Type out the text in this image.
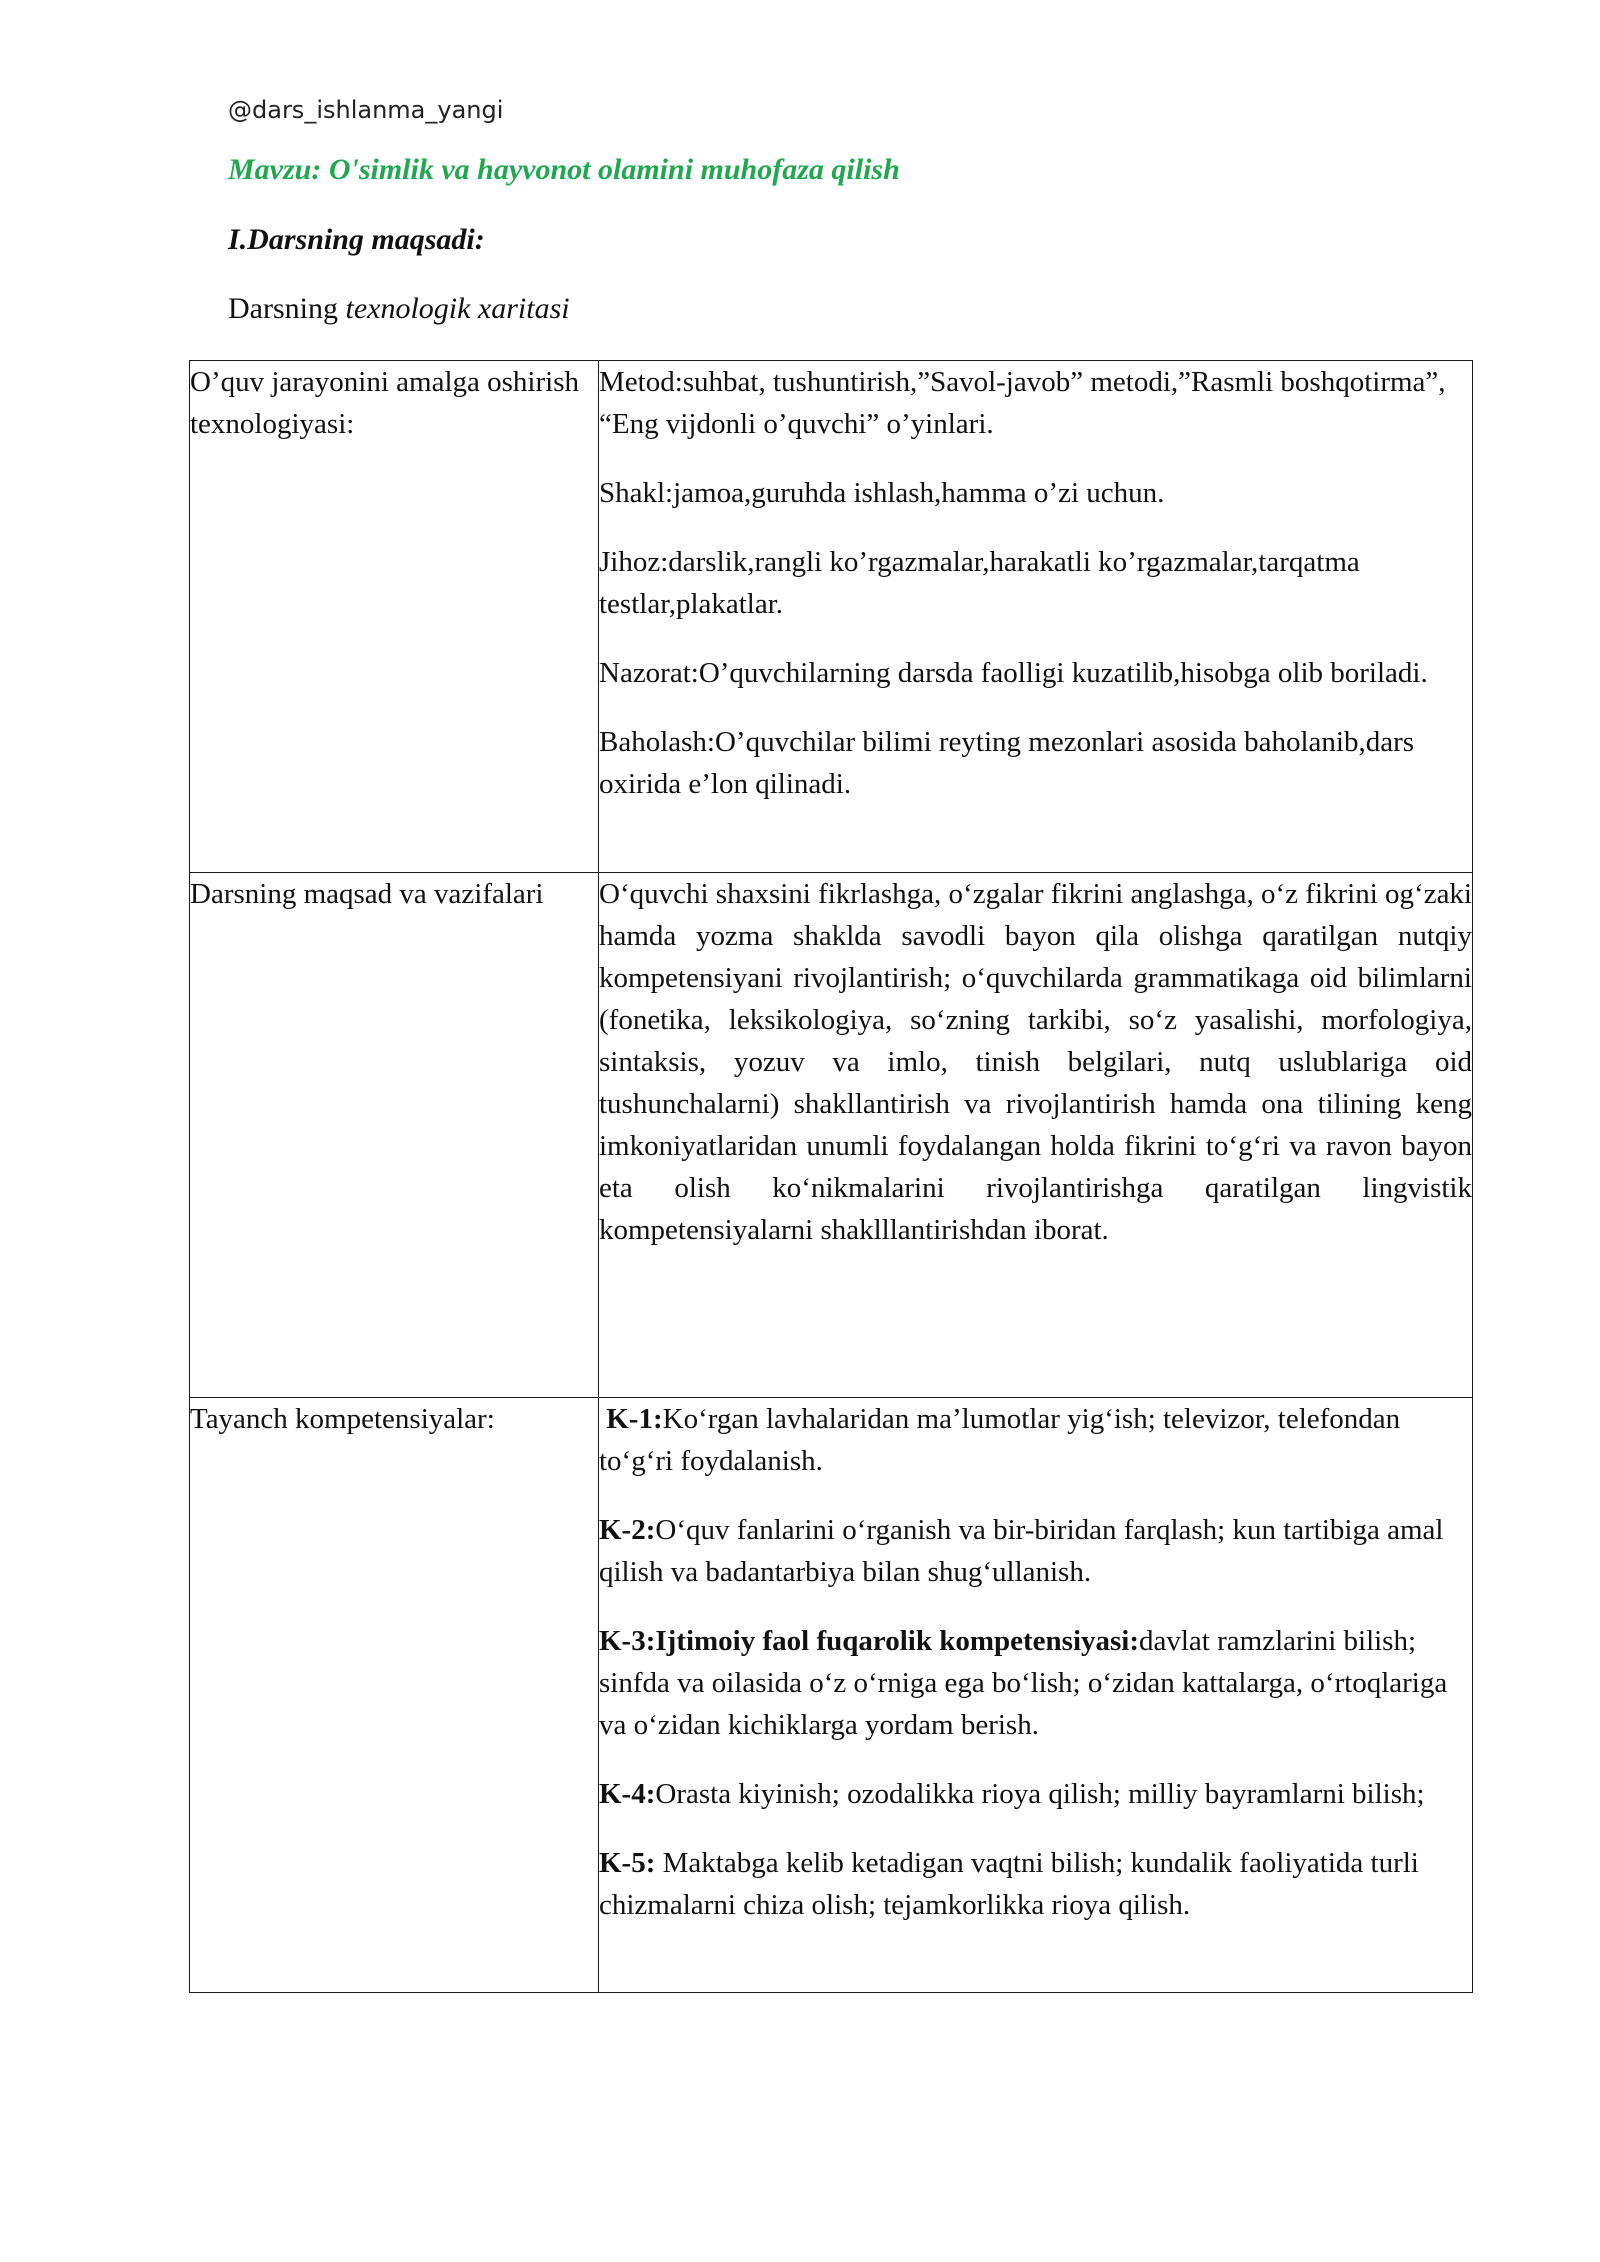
@dars_ishlanma_yangi
Mavzu: O'simlik va hayvonot olamini muhofaza qilish
I.Darsning maqsadi:
Darsning texnologik xaritasi
O’quv jarayonini amalga oshirish texnologiyasi:	Metod:suhbat, tushuntirish,”Savol-javob” metodi,”Rasmli boshqotirma”, “Eng vijdonli o’quvchi” o’yinlari.

Shakl:jamoa,guruhda ishlash,hamma o’zi uchun.

Jihoz:darslik,rangli ko’rgazmalar,harakatli ko’rgazmalar,tarqatma testlar,plakatlar.

Nazorat:O’quvchilarning darsda faolligi kuzatilib,hisobga olib boriladi.

Baholash:O’quvchilar bilimi reyting mezonlari asosida baholanib,dars oxirida e’lon qilinadi.

Darsning maqsad va vazifalari	O‘quvchi shaxsini fikrlashga, o‘zgalar fikrini anglashga, o‘z fikrini og‘zaki hamda yozma shaklda savodli bayon qila olishga qaratilgan nutqiy kompetensiyani rivojlantirish; o‘quvchilarda grammatikaga oid bilimlarni (fonetika, leksikologiya, so‘zning tarkibi, so‘z yasalishi, morfologiya, sintaksis, yozuv va imlo, tinish belgilari, nutq uslublariga oid tushunchalarni) shakllantirish va rivojlantirish hamda ona tilining keng imkoniyatlaridan unumli foydalangan holda fikrini to‘g‘ri va ravon bayon eta olish ko‘nikmalarini rivojlantirishga qaratilgan lingvistik kompetensiyalarni shaklllantirishdan iborat.

Tayanch kompetensiyalar:	K-1:Ko‘rgan lavhalaridan ma’lumotlar yig‘ish; televizor, telefondan to‘g‘ri foydalanish.

K-2:O‘quv fanlarini o‘rganish va bir-biridan farqlash; kun tartibiga amal qilish va badantarbiya bilan shug‘ullanish.

K-3:Ijtimoiy faol fuqarolik kompetensiyasi:davlat ramzlarini bilish; sinfda va oilasida o‘z o‘rniga ega bo‘lish; o‘zidan kattalarga, o‘rtoqlariga va o‘zidan kichiklarga yordam berish.

K-4:Orasta kiyinish; ozodalikka rioya qilish; milliy bayramlarni bilish;

K-5: Maktabga kelib ketadigan vaqtni bilish; kundalik faoliyatida turli chizmalarni chiza olish; tejamkorlikka rioya qilish.
